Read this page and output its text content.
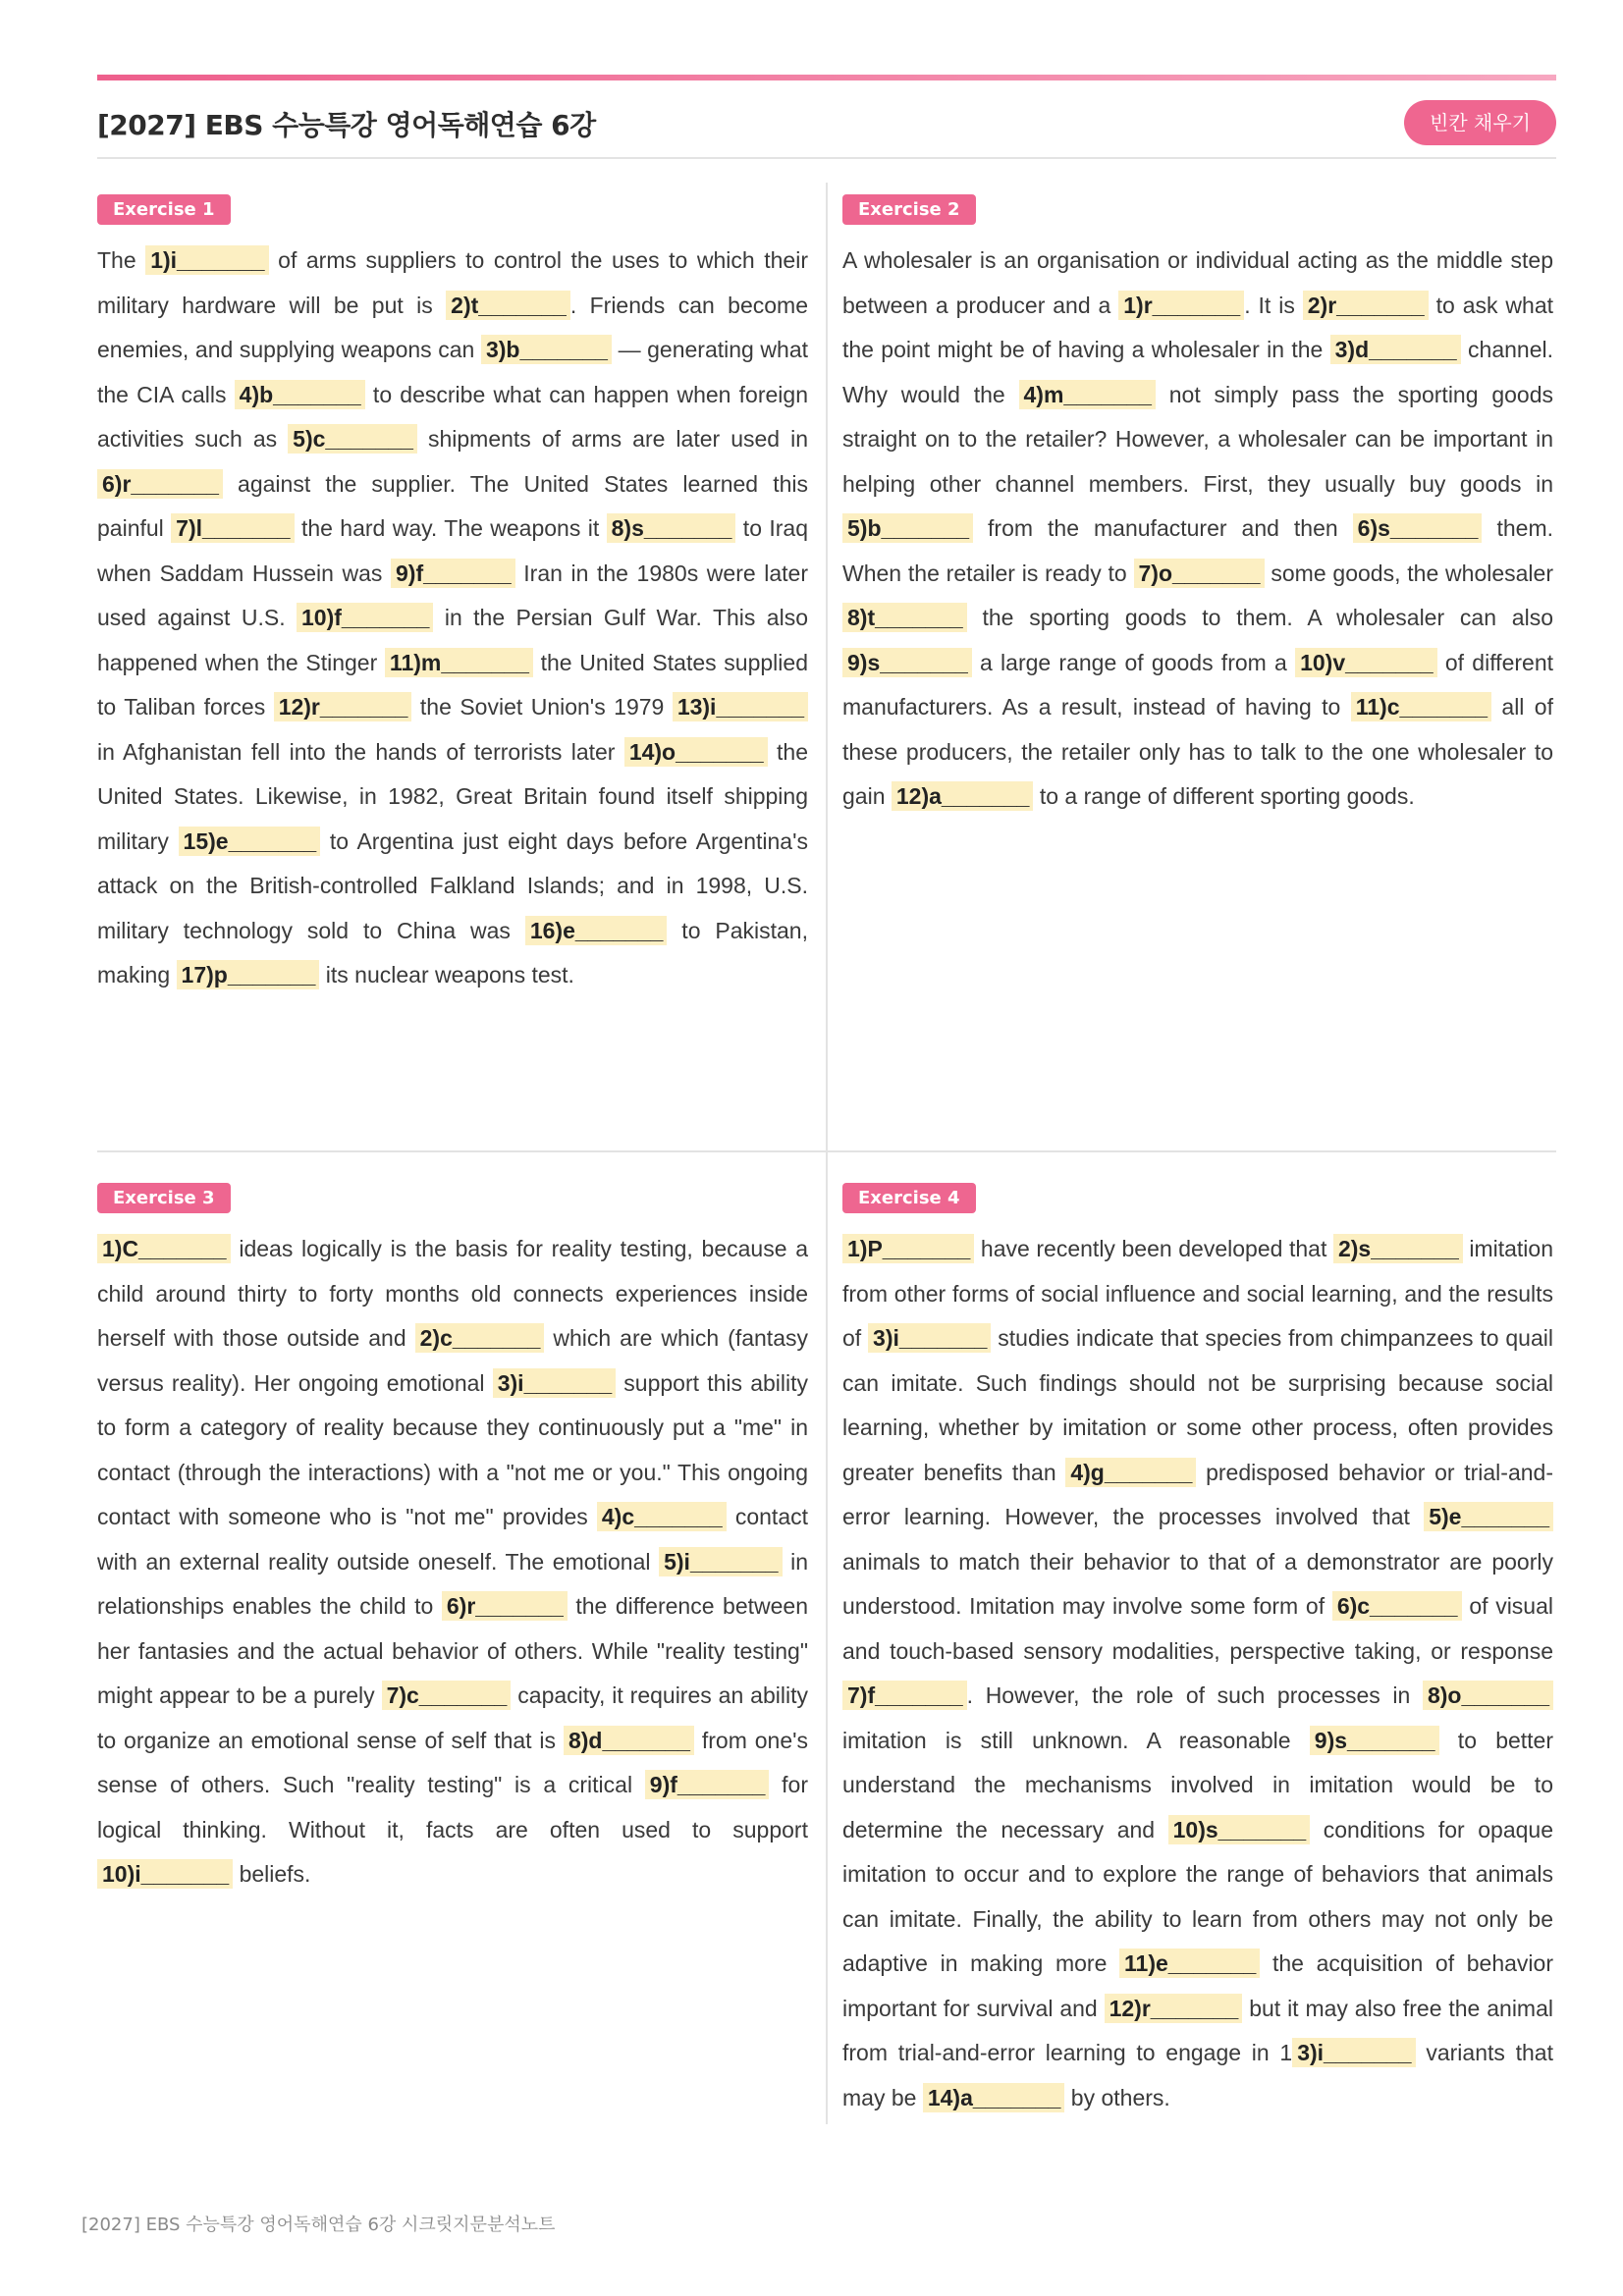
[2027] EBS 수능특강 영어독해연습 6강	빈칸 채우기
Exercise 1

The 1)i_______ of arms suppliers to control the uses to which their military hardware will be put is 2)t_______ . Friends can become enemies, and supplying weapons can 3)b_______ — generating what the CIA calls 4)b_______ to describe what can happen when foreign activities such as 5)c_______ shipments of arms are later used in 6)r_______ against the supplier. The United States learned this painful 7)l_______ the hard way. The weapons it 8)s_______ to Iraq when Saddam Hussein was 9)f_______ Iran in the 1980s were later used against U.S. 10)f_______ in the Persian Gulf War. This also happened when the Stinger 11)m_______ the United States supplied to Taliban forces 12)r_______ the Soviet Union's 1979 13)i_______ in Afghanistan fell into the hands of terrorists later 14)o_______ the United States. Likewise, in 1982, Great Britain found itself shipping military 15)e_______ to Argentina just eight days before Argentina's attack on the British-controlled Falkland Islands; and in 1998, U.S. military technology sold to China was 16)e_______ to Pakistan, making 17)p_______ its nuclear weapons test.

Exercise 2

A wholesaler is an organisation or individual acting as the middle step between a producer and a 1)r_______ . It is 2)r_______ to ask what the point might be of having a wholesaler in the 3)d_______ channel. Why would the 4)m_______ not simply pass the sporting goods straight on to the retailer? However, a wholesaler can be important in helping other channel members. First, they usually buy goods in 5)b_______ from the manufacturer and then 6)s_______ them. When the retailer is ready to 7)o_______ some goods, the wholesaler 8)t_______ the sporting goods to them. A wholesaler can also 9)s_______ a large range of goods from a 10)v_______ of different manufacturers. As a result, instead of having to 11)c_______ all of these producers, the retailer only has to talk to the one wholesaler to gain 12)a_______ to a range of different sporting goods.

Exercise 3

1)C_______ ideas logically is the basis for reality testing, because a child around thirty to forty months old connects experiences inside herself with those outside and 2)c_______ which are which (fantasy versus reality). Her ongoing emotional 3)i_______ support this ability to form a category of reality because they continuously put a "me" in contact (through the interactions) with a "not me or you." This ongoing contact with someone who is "not me" provides 4)c_______ contact with an external reality outside oneself. The emotional 5)i_______ in relationships enables the child to 6)r_______ the difference between her fantasies and the actual behavior of others. While "reality testing" might appear to be a purely 7)c_______ capacity, it requires an ability to organize an emotional sense of self that is 8)d_______ from one's sense of others. Such "reality testing" is a critical 9)f_______ for logical thinking. Without it, facts are often used to support 10)i_______ beliefs.

Exercise 4

1)P_______ have recently been developed that 2)s_______ imitation from other forms of social influence and social learning, and the results of 3)i_______ studies indicate that species from chimpanzees to quail can imitate. Such findings should not be surprising because social learning, whether by imitation or some other process, often provides greater benefits than 4)g_______ predisposed behavior or trial-and-error learning. However, the processes involved that 5)e_______ animals to match their behavior to that of a demonstrator are poorly understood. Imitation may involve some form of 6)c_______ of visual and touch-based sensory modalities, perspective taking, or response 7)f_______ . However, the role of such processes in 8)o_______ imitation is still unknown. A reasonable 9)s_______ to better understand the mechanisms involved in imitation would be to determine the necessary and 10)s_______ conditions for opaque imitation to occur and to explore the range of behaviors that animals can imitate. Finally, the ability to learn from others may not only be adaptive in making more 11)e_______ the acquisition of behavior important for survival and 12)r_______ but it may also free the animal from trial-and-error learning to engage in 1 3)i_______ variants that may be 14)a_______ by others.

[2027] EBS 수능특강 영어독해연습 6강 시크릿지문분석노트
